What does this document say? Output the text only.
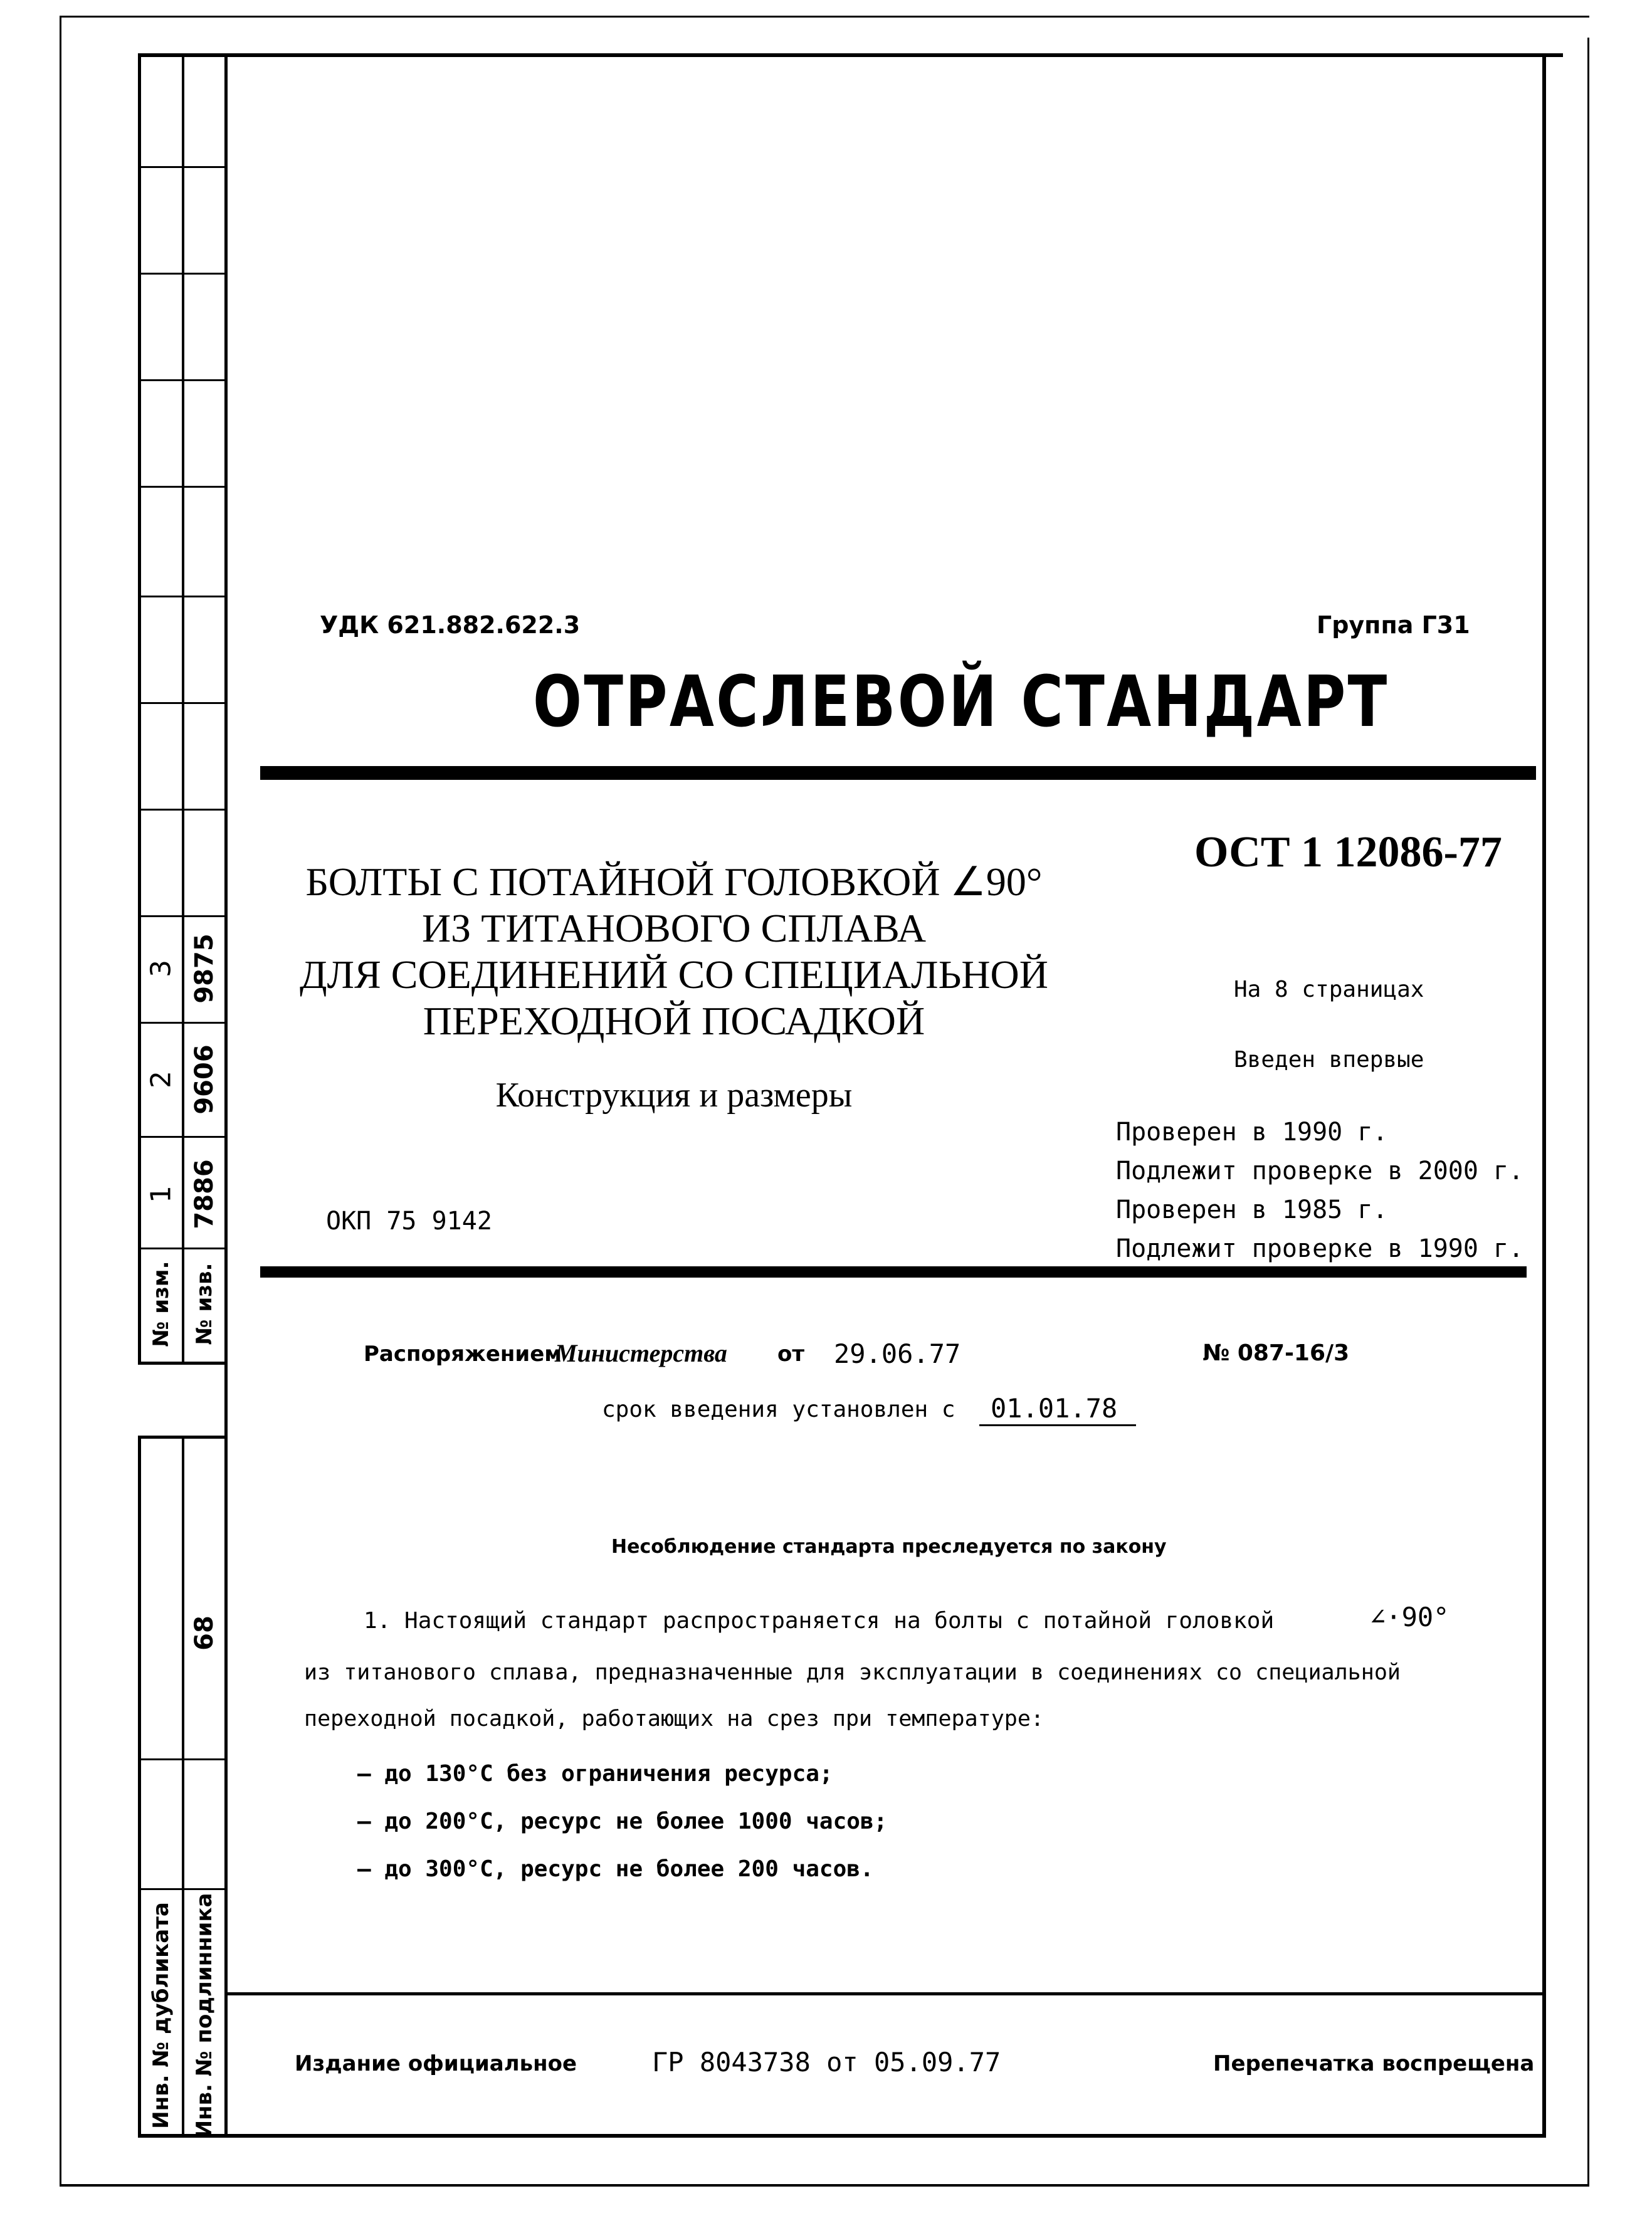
1 7886
2 9606
3 9875
№ изм. № изв.
68
Инв. № дубликата Инв. № подлинника
УДК 621.882.622.3	Группа Г31
ОТРАСЛЕВОЙ СТАНДАРТ
БОЛТЫ С ПОТАЙНОЙ ГОЛОВКОЙ ∠90°
ИЗ ТИТАНОВОГО СПЛАВА
ДЛЯ СОЕДИНЕНИЙ СО СПЕЦИАЛЬНОЙ
ПЕРЕХОДНОЙ ПОСАДКОЙ
Конструкция и размеры
ОКП 75 9142
ОСТ 1 12086-77
На 8 страницах
Введен впервые
Проверен в 1990 г.
Подлежит проверке в 2000 г.
Проверен в 1985 г.
Подлежит проверке в 1990 г.
Распоряжением
Министерства от 29.06.77	№ 087-16/3
срок введения установлен с 01.01.78
Несоблюдение стандарта преследуется по закону
1. Настоящий стандарт распространяется на болты с потайной головкой	∠·90°
из титанового сплава, предназначенные для эксплуатации в соединениях со специальной
переходной посадкой, работающих на срез при температуре:
– до 130°С без ограничения ресурса;
– до 200°С, ресурс не более 1000 часов;
– до 300°С, ресурс не более 200 часов.
Издание официальное	ГР 8043738 от 05.09.77	Перепечатка воспрещена
